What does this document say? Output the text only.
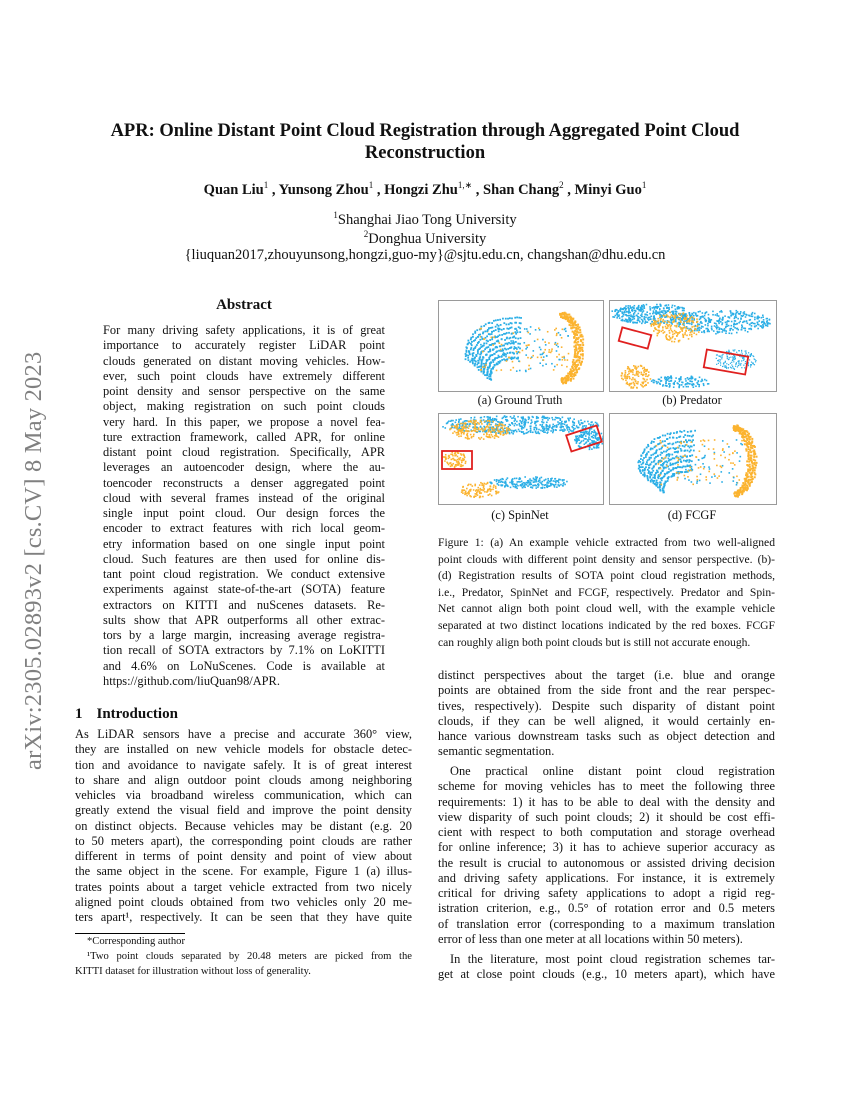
arXiv:2305.02893v2 [cs.CV] 8 May 2023
APR: Online Distant Point Cloud Registration through Aggregated Point Cloud
Reconstruction
Quan Liu$^1$ , Yunsong Zhou$^1$ , Hongzi Zhu$^{1,∗}$ , Shan Chang$^2$ , Minyi Guo$^1$
$^1$Shanghai Jiao Tong University
$^2$Donghua University
{liuquan2017,zhouyunsong,hongzi,guo-my}@sjtu.edu.cn, changshan@dhu.edu.cn
Abstract
For many driving safety applications, it is of great
importance to accurately register LiDAR point
clouds generated on distant moving vehicles. How-
ever, such point clouds have extremely different
point density and sensor perspective on the same
object, making registration on such point clouds
very hard. In this paper, we propose a novel fea-
ture extraction framework, called APR, for online
distant point cloud registration. Specifically, APR
leverages an autoencoder design, where the au-
toencoder reconstructs a denser aggregated point
cloud with several frames instead of the original
single input point cloud. Our design forces the
encoder to extract features with rich local geom-
etry information based on one single input point
cloud. Such features are then used for online dis-
tant point cloud registration. We conduct extensive
experiments against state-of-the-art (SOTA) feature
extractors on KITTI and nuScenes datasets. Re-
sults show that APR outperforms all other extrac-
tors by a large margin, increasing average registra-
tion recall of SOTA extractors by 7.1% on LoKITTI
and 4.6% on LoNuScenes. Code is available at
https://github.com/liuQuan98/APR.
1 Introduction
As LiDAR sensors have a precise and accurate 360° view,
they are installed on new vehicle models for obstacle detec-
tion and avoidance to navigate safely. It is of great interest
to share and align outdoor point clouds among neighboring
vehicles via broadband wireless communication, which can
greatly extend the visual field and improve the point density
on distinct objects. Because vehicles may be distant (e.g. 20
to 50 meters apart), the corresponding point clouds are rather
different in terms of point density and point of view about
the same object in the scene. For example, Figure 1 (a) illus-
trates points about a target vehicle extracted from two nicely
aligned point clouds obtained from two vehicles only 20 me-
ters apart¹, respectively. It can be seen that they have quite
*Corresponding author
¹Two point clouds separated by 20.48 meters are picked from the
KITTI dataset for illustration without loss of generality.
(a) Ground Truth	(b) Predator
(c) SpinNet	(d) FCGF
Figure 1: (a) An example vehicle extracted from two well-aligned
point clouds with different point density and sensor perspective. (b)-
(d) Registration results of SOTA point cloud registration methods,
i.e., Predator, SpinNet and FCGF, respectively. Predator and Spin-
Net cannot align both point cloud well, with the example vehicle
separated at two distinct locations indicated by the red boxes. FCGF
can roughly align both point clouds but is still not accurate enough.
distinct perspectives about the target (i.e. blue and orange
points are obtained from the side front and the rear perspec-
tives, respectively). Despite such disparity of distant point
clouds, if they can be well aligned, it would certainly en-
hance various downstream tasks such as object detection and
semantic segmentation.
One practical online distant point cloud registration
scheme for moving vehicles has to meet the following three
requirements: 1) it has to be able to deal with the density and
view disparity of such point clouds; 2) it should be cost effi-
cient with respect to both computation and storage overhead
for online inference; 3) it has to achieve superior accuracy as
the result is crucial to autonomous or assisted driving decision
and driving safety applications. For instance, it is extremely
critical for driving safety applications to adopt a rigid reg-
istration criterion, e.g., 0.5° of rotation error and 0.5 meters
of translation error (corresponding to a maximum translation
error of less than one meter at all locations within 50 meters).
In the literature, most point cloud registration schemes tar-
get at close point clouds (e.g., 10 meters apart), which have
